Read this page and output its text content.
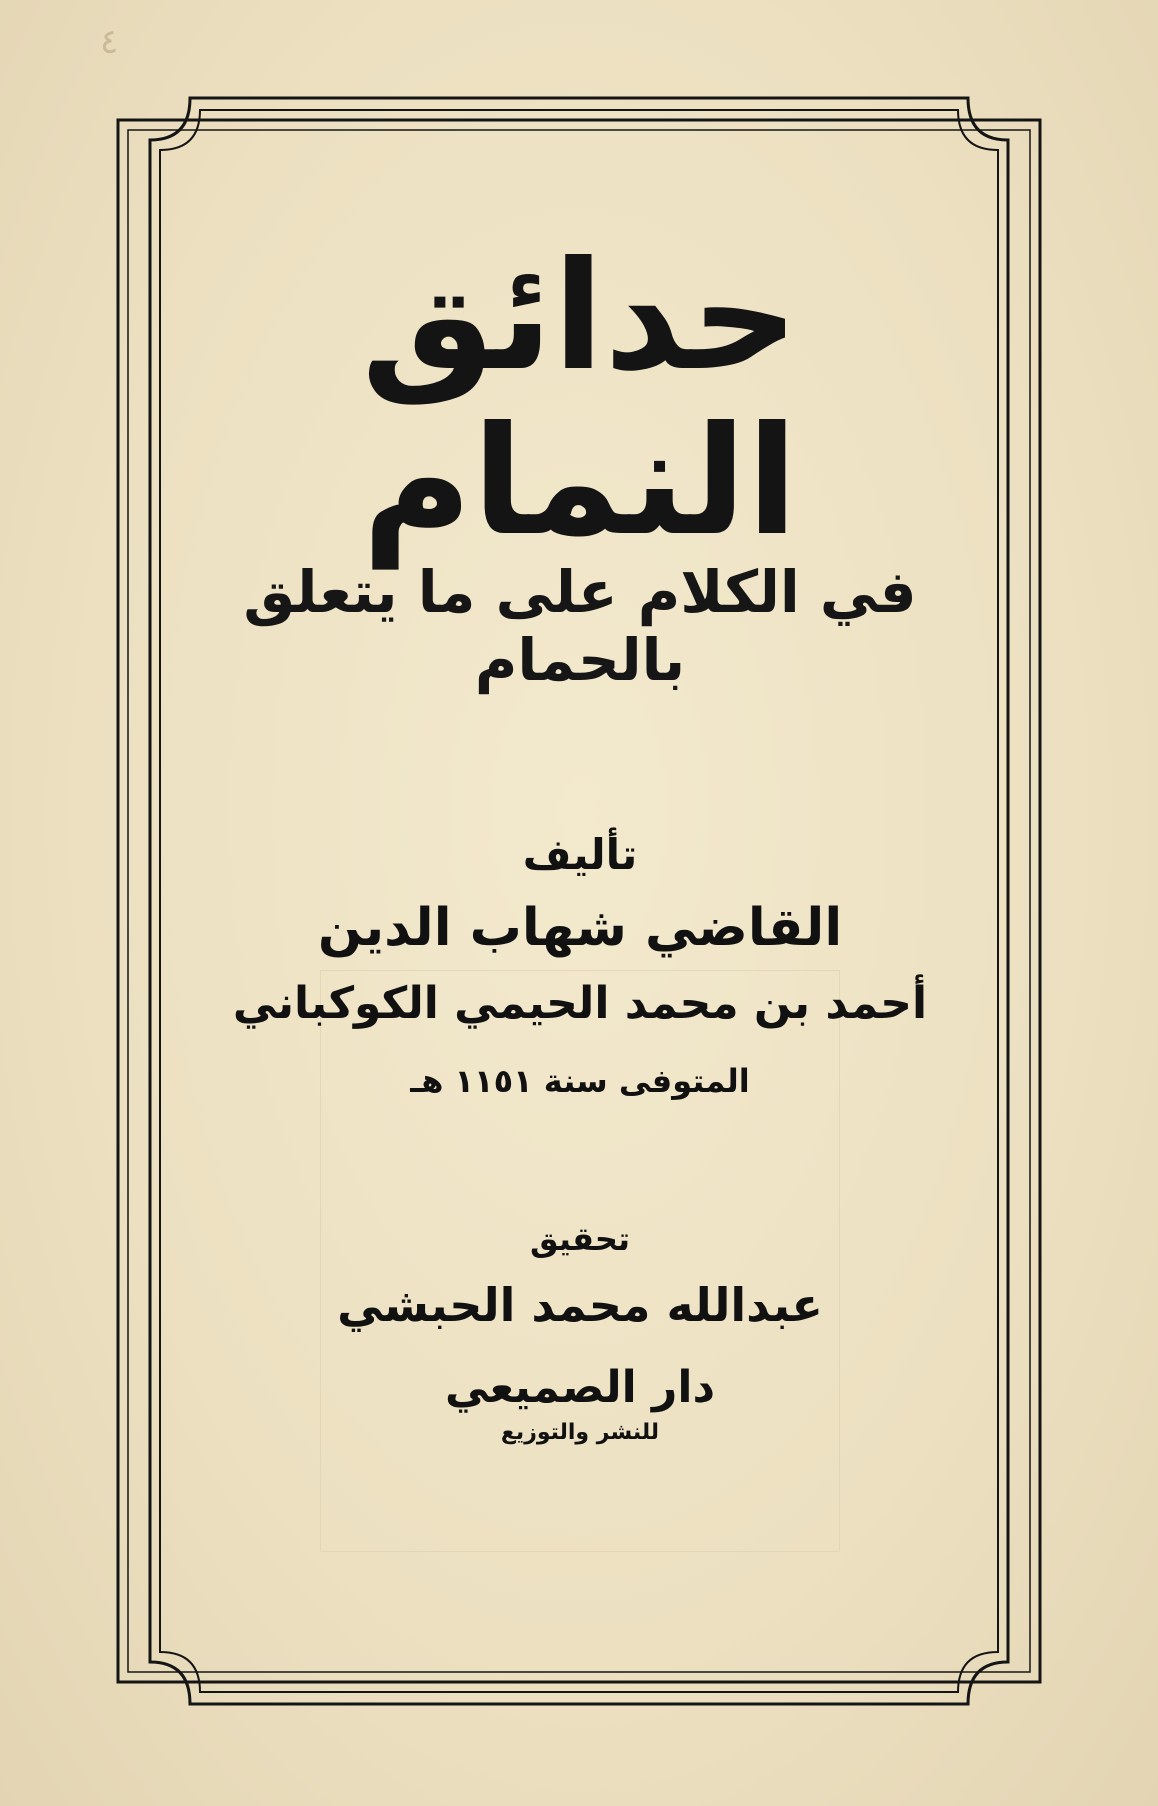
٤
حدائق النمام
في الكلام على ما يتعلق بالحمام
تأليف
القاضي شهاب الدين
أحمد بن محمد الحيمي الكوكباني
المتوفى سنة ١١٥١ هـ
تحقيق
عبدالله محمد الحبشي
دار الصميعي
للنشر والتوزيع
